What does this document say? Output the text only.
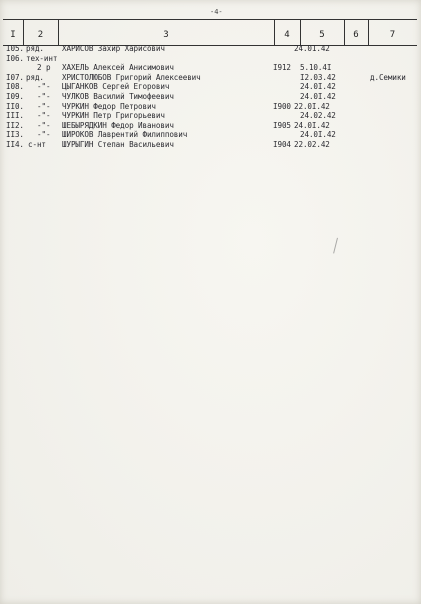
-4-
I	2	3	4	5	6	7
I05. ряд. ХАРИСОВ Захир Харисович	24.01.42
I06. тех-инт
2 р ХАХЕЛЬ Алексей Анисимович	I912 5.10.4I
I07. ряд. ХРИСТОЛЮБОВ Григорий Алексеевич	I2.03.42	д.Семики
I08. -"- ЦЫГАНКОВ Сергей Егорович	24.0I.42
I09. -"- ЧУЛКОВ Василий Тимофеевич	24.0I.42
II0. -"- ЧУРКИН Федор Петрович	I900 22.0I.42
III. -"- ЧУРКИН Петр Григорьевич	24.02.42
II2. -"- ШЕБЫРЯДКИН Федор Иванович	I905 24.0I.42
II3. -"- ШИРОКОВ Лаврентий Филиппович	24.0I.42
II4. с-нт ШУРЫГИН Степан Васильевич	I904 22.02.42
